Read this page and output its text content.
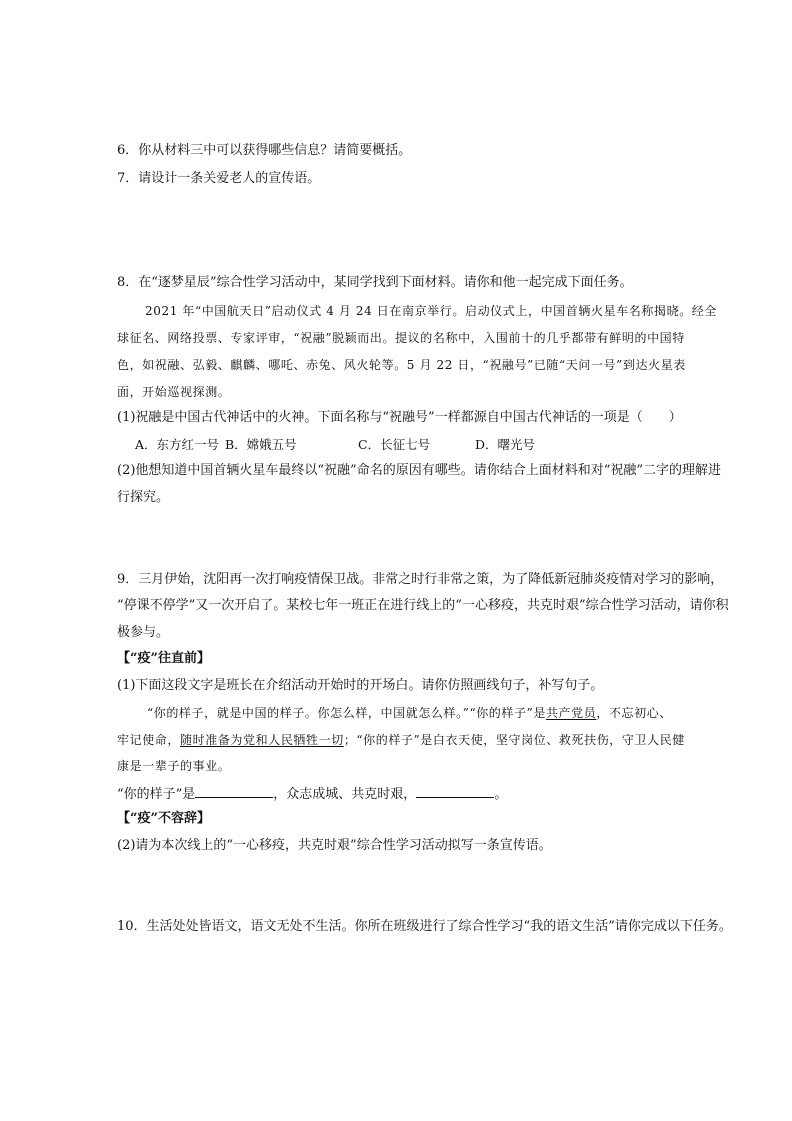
6．你从材料三中可以获得哪些信息？请简要概括。
7．请设计一条关爱老人的宣传语。
8．在“逐梦星辰”综合性学习活动中，某同学找到下面材料。请你和他一起完成下面任务。
2021 年“中国航天日”启动仪式 4 月 24 日在南京举行。启动仪式上，中国首辆火星车名称揭晓。经全
球征名、网络投票、专家评审，“祝融”脱颖而出。提议的名称中，入围前十的几乎都带有鲜明的中国特
色，如祝融、弘毅、麒麟、哪吒、赤兔、风火轮等。5 月 22 日，“祝融号”已随“天问一号”到达火星表
面，开始巡视探测。
(1)祝融是中国古代神话中的火神。下面名称与“祝融号”一样都源自中国古代神话的一项是（　　）
A．东方红一号 B．嫦娥五号	C．长征七号	D．曙光号
(2)他想知道中国首辆火星车最终以“祝融”命名的原因有哪些。请你结合上面材料和对“祝融”二字的理解进
行探究。
9．三月伊始，沈阳再一次打响疫情保卫战。非常之时行非常之策，为了降低新冠肺炎疫情对学习的影响，
“停课不停学”又一次开启了。某校七年一班正在进行线上的“一心移疫，共克时艰”综合性学习活动，请你积
极参与。
【“疫”往直前】
(1)下面这段文字是班长在介绍活动开始时的开场白。请你仿照画线句子，补写句子。
“你的样子，就是中国的样子。你怎么样，中国就怎么样。”“你的样子”是共产党员，不忘初心、
牢记使命，随时准备为党和人民牺牲一切；“你的样子”是白衣天使，坚守岗位、救死扶伤，守卫人民健
康是一辈子的事业。
“你的样子”是	，众志成城、共克时艰，	。
【“疫”不容辞】
(2)请为本次线上的“一心移疫，共克时艰”综合性学习活动拟写一条宣传语。
10．生活处处皆语文，语文无处不生活。你所在班级进行了综合性学习“我的语文生活”请你完成以下任务。
